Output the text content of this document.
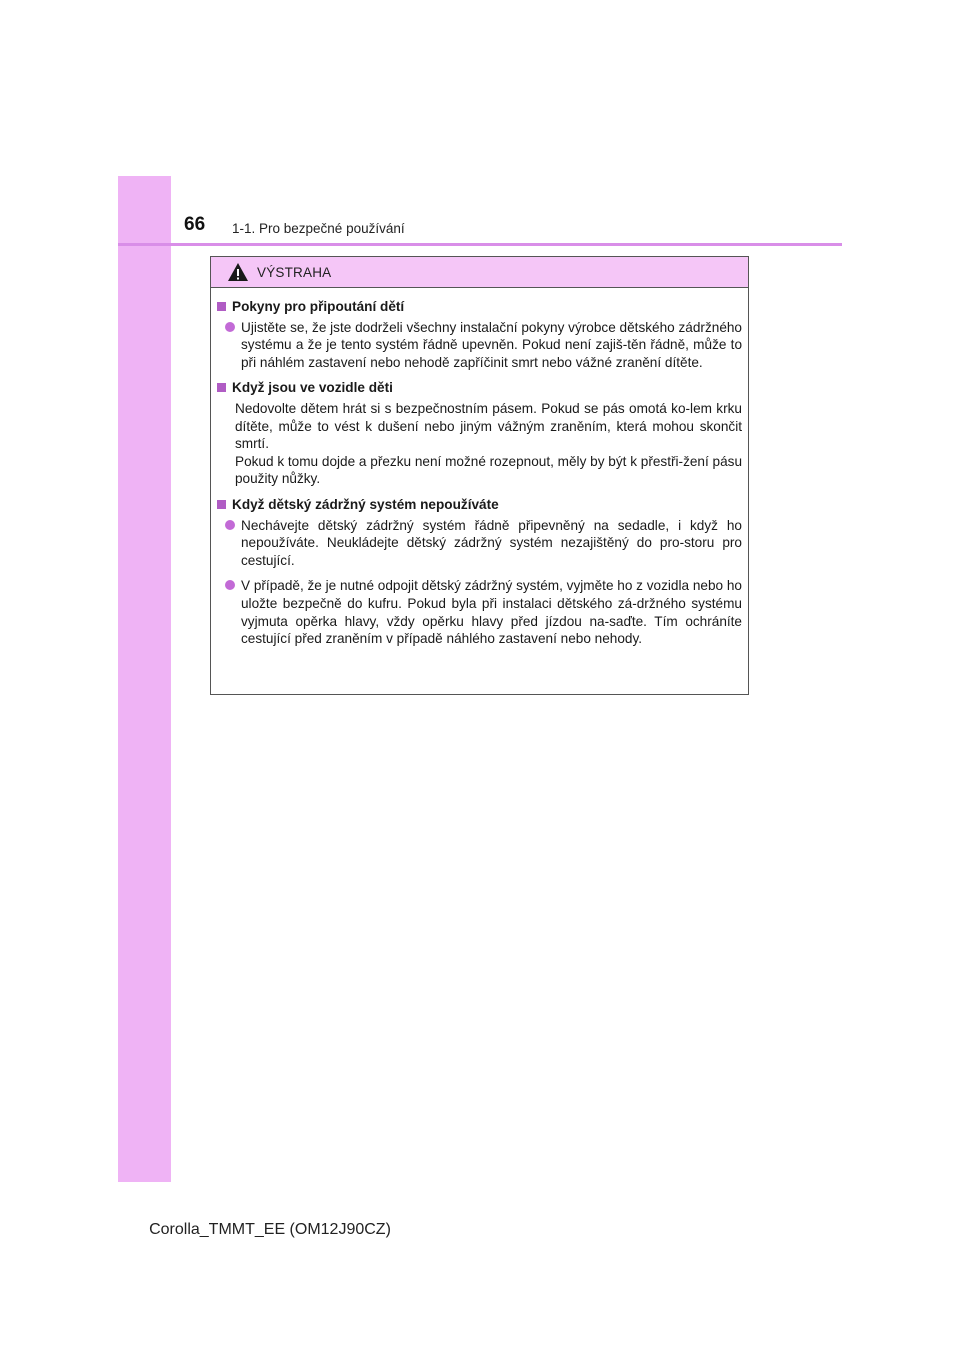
66 1-1. Pro bezpečné používání
VÝSTRAHA
Pokyny pro připoutání dětí
Ujistěte se, že jste dodrželi všechny instalační pokyny výrobce dětského zádržného systému a že je tento systém řádně upevněn. Pokud není zajiš-těn řádně, může to při náhlém zastavení nebo nehodě zapříčinit smrt nebo vážné zranění dítěte.
Když jsou ve vozidle děti

Nedovolte dětem hrát si s bezpečnostním pásem. Pokud se pás omotá ko-lem krku dítěte, může to vést k dušení nebo jiným vážným zraněním, která mohou skončit smrtí.

Pokud k tomu dojde a přezku není možné rozepnout, měly by být k přestři-žení pásu použity nůžky.

Když dětský zádržný systém nepoužíváte
Nechávejte dětský zádržný systém řádně připevněný na sedadle, i když ho nepoužíváte. Neukládejte dětský zádržný systém nezajištěný do pro-storu pro cestující.
V případě, že je nutné odpojit dětský zádržný systém, vyjměte ho z vozidla nebo ho uložte bezpečně do kufru. Pokud byla při instalaci dětského zá-držného systému vyjmuta opěrka hlavy, vždy opěrku hlavy před jízdou na-saďte. Tím ochráníte cestující před zraněním v případě náhlého zastavení nebo nehody.
Corolla_TMMT_EE (OM12J90CZ)
